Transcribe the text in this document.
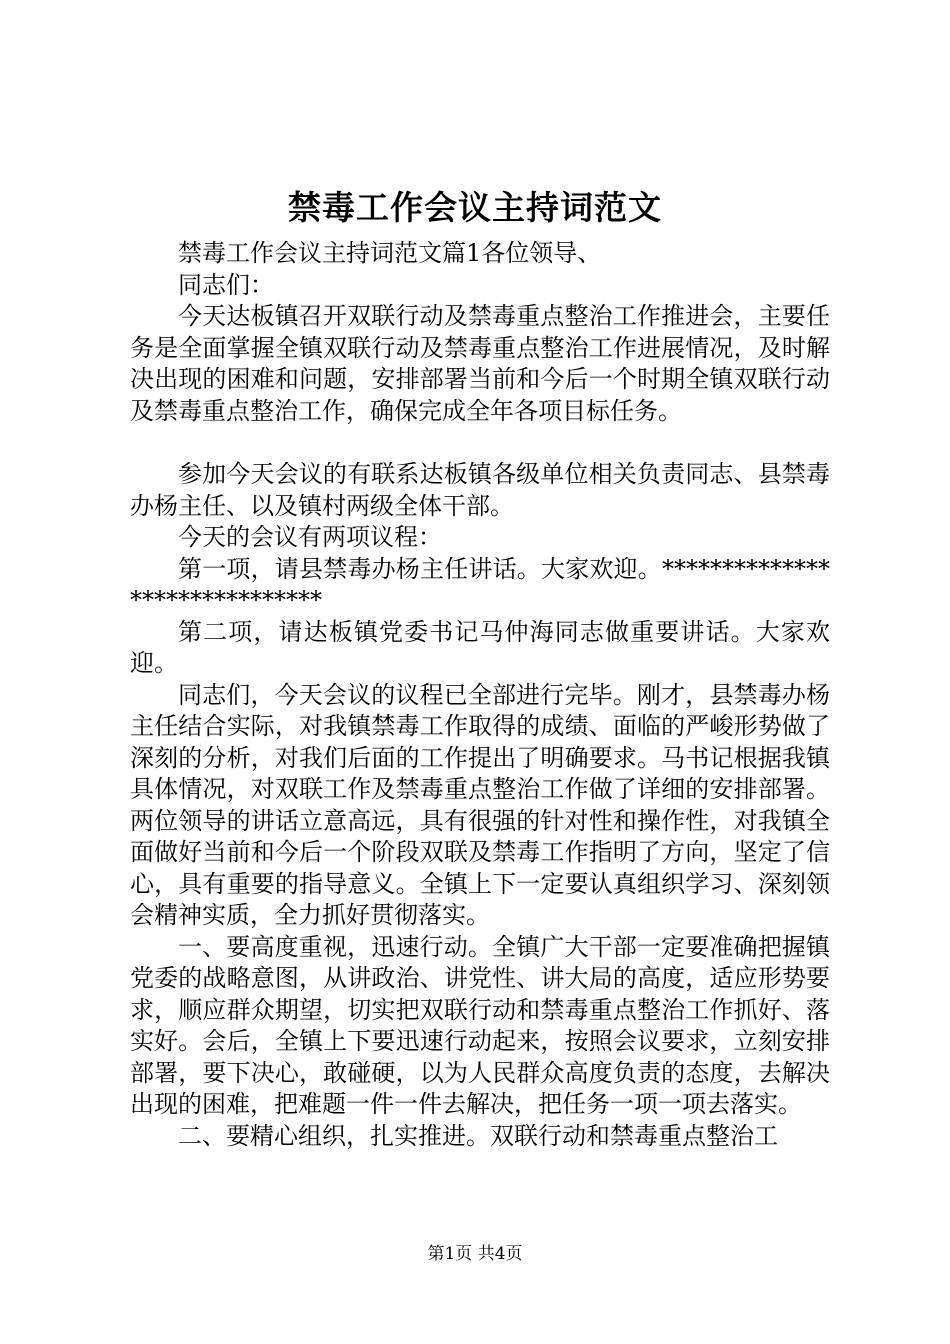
禁毒工作会议主持词范文

禁毒工作会议主持词范文篇1各位领导、

同志们：

今天达板镇召开双联行动及禁毒重点整治工作推进会，主要任务是全面掌握全镇双联行动及禁毒重点整治工作进展情况，及时解决出现的困难和问题，安排部署当前和今后一个时期全镇双联行动及禁毒重点整治工作，确保完成全年各项目标任务。

参加今天会议的有联系达板镇各级单位相关负责同志、县禁毒办杨主任、以及镇村两级全体干部。

今天的会议有两项议程：

第一项，请县禁毒办杨主任讲话。大家欢迎。******************************

第二项，请达板镇党委书记马仲海同志做重要讲话。大家欢迎。

同志们，今天会议的议程已全部进行完毕。刚才，县禁毒办杨主任结合实际，对我镇禁毒工作取得的成绩、面临的严峻形势做了深刻的分析，对我们后面的工作提出了明确要求。马书记根据我镇具体情况，对双联工作及禁毒重点整治工作做了详细的安排部署。两位领导的讲话立意高远，具有很强的针对性和操作性，对我镇全面做好当前和今后一个阶段双联及禁毒工作指明了方向，坚定了信心，具有重要的指导意义。全镇上下一定要认真组织学习、深刻领会精神实质，全力抓好贯彻落实。

一、要高度重视，迅速行动。全镇广大干部一定要准确把握镇党委的战略意图，从讲政治、讲党性、讲大局的高度，适应形势要求，顺应群众期望，切实把双联行动和禁毒重点整治工作抓好、落实好。会后，全镇上下要迅速行动起来，按照会议要求，立刻安排部署，要下决心，敢碰硬，以为人民群众高度负责的态度，去解决出现的困难，把难题一件一件去解决，把任务一项一项去落实。

二、要精心组织，扎实推进。双联行动和禁毒重点整治工

第1页 共4页
